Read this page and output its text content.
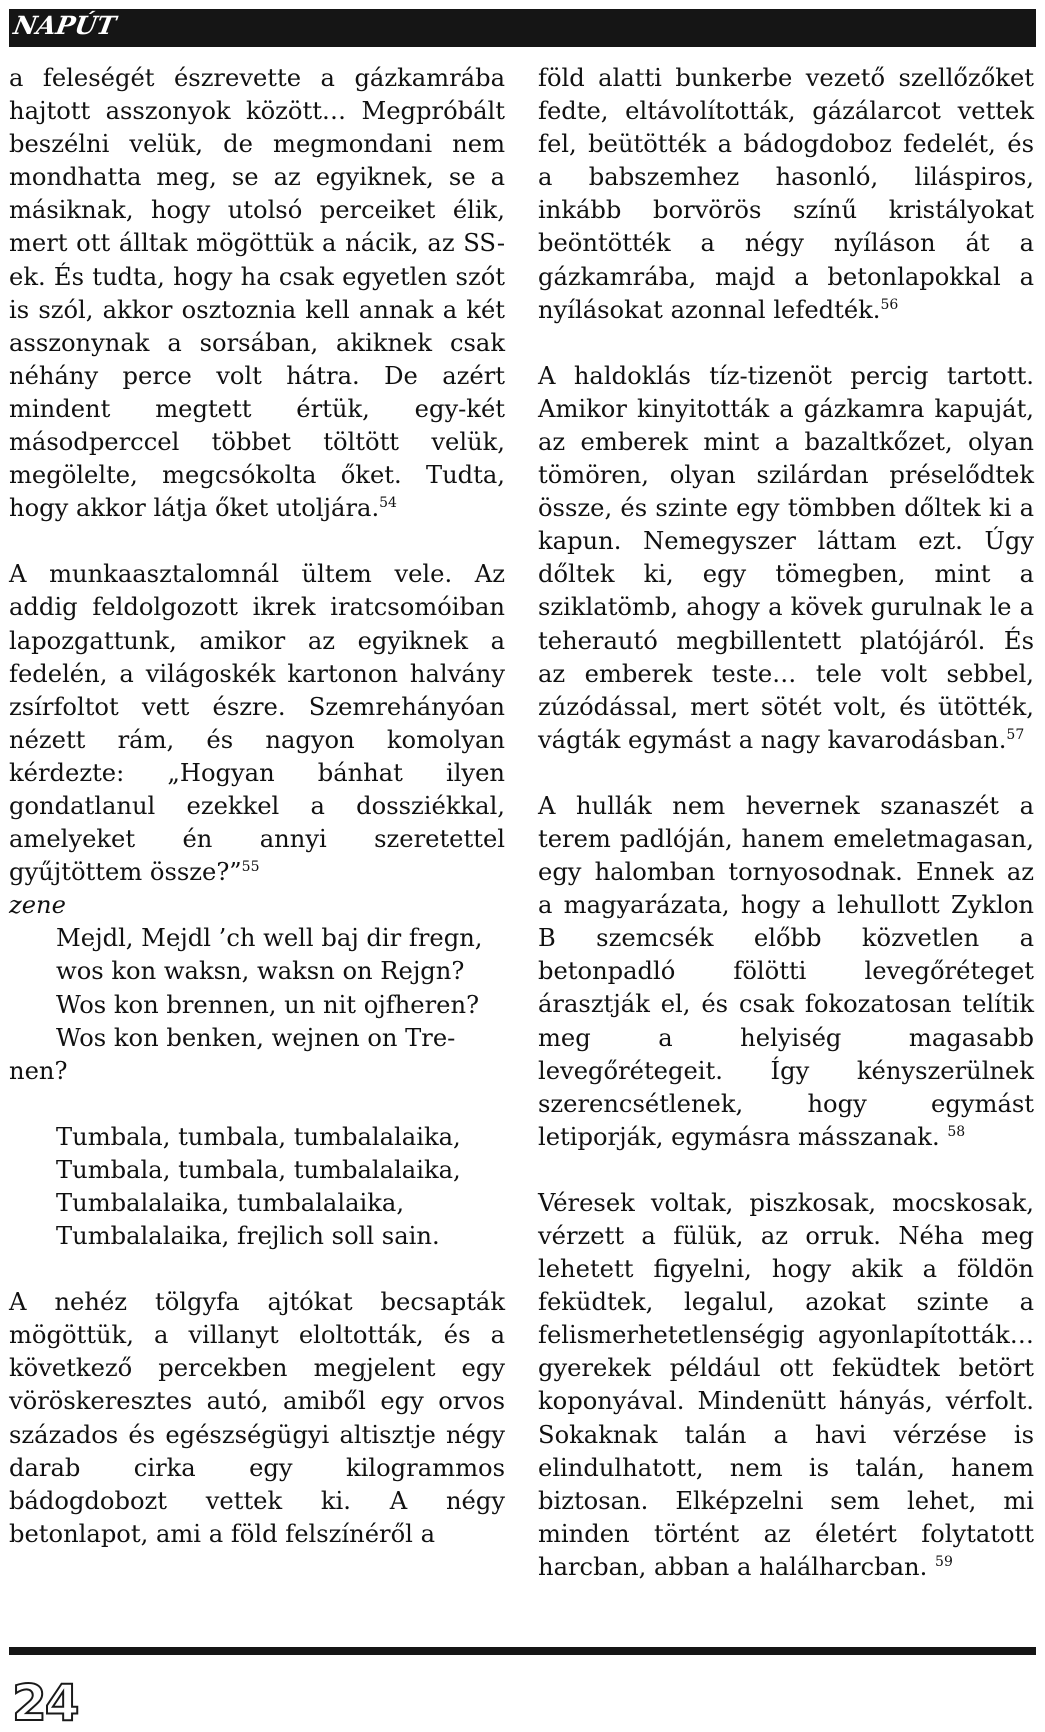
NAPÚT

a feleségét észrevette a gázkamrába hajtott asszonyok között… Megpróbált beszélni velük, de megmondani nem mondhatta meg, se az egyiknek, se a másiknak, hogy utolsó perceiket élik, mert ott álltak mögöttük a nácik, az SS-ek. És tudta, hogy ha csak egyetlen szót is szól, akkor osztoznia kell annak a két asszonynak a sorsában, akiknek csak néhány perce volt hátra. De azért mindent megtett értük, egy-két másodperccel többet töltött velük, megölelte, megcsókolta őket. Tudta, hogy akkor látja őket utoljára.$^{54}$

A munkaasztalomnál ültem vele. Az addig feldolgozott ikrek iratcsomóiban lapozgattunk, amikor az egyiknek a fedelén, a világoskék kartonon halvány zsírfoltot vett észre. Szemrehányóan nézett rám, és nagyon komolyan kérdezte: „Hogyan bánhat ilyen gondatlanul ezekkel a dossziékkal, amelyeket én annyi szeretettel gyűjtöttem össze?”$^{55}$

zene

Mejdl, Mejdl ’ch well baj dir fregn,
wos kon waksn, waksn on Rejgn?
Wos kon brennen, un nit ojfheren?
Wos kon benken, wejnen on Tre-
nen?
Tumbala, tumbala, tumbalalaika,
Tumbala, tumbala, tumbalalaika,
Tumbalalaika, tumbalalaika,
Tumbalalaika, frejlich soll sain.

A nehéz tölgyfa ajtókat becsapták mögöttük, a villanyt eloltották, és a következő percekben megjelent egy vöröskeresztes autó, amiből egy orvos százados és egészségügyi altisztje négy darab cirka egy kilogrammos bádogdobozt vettek ki. A négy betonlapot, ami a föld felszínéről a

föld alatti bunkerbe vezető szellőzőket fedte, eltávolították, gázálarcot vettek fel, beütötték a bádogdoboz fedelét, és a babszemhez hasonló, liláspiros, inkább borvörös színű kristályokat beöntötték a négy nyíláson át a gázkamrába, majd a betonlapokkal a nyílásokat azonnal lefedték.$^{56}$

A haldoklás tíz-tizenöt percig tartott. Amikor kinyitották a gázkamra kapuját, az emberek mint a bazaltkőzet, olyan tömören, olyan szilárdan préselődtek össze, és szinte egy tömbben dőltek ki a kapun. Nemegyszer láttam ezt. Úgy dőltek ki, egy tömegben, mint a sziklatömb, ahogy a kövek gurulnak le a teherautó megbillentett platójáról. És az emberek teste… tele volt sebbel, zúzódással, mert sötét volt, és ütötték, vágták egymást a nagy kavarodásban.$^{57}$

A hullák nem hevernek szanaszét a terem padlóján, hanem emeletmagasan, egy halomban tornyosodnak. Ennek az a magyarázata, hogy a lehullott Zyklon B szemcsék előbb közvetlen a betonpadló fölötti levegőréteget árasztják el, és csak fokozatosan telítik meg a helyiség magasabb levegőrétegeit. Így kényszerülnek szerencsétlenek, hogy egymást letiporják, egymásra másszanak. $^{58}$

Véresek voltak, piszkosak, mocskosak, vérzett a fülük, az orruk. Néha meg lehetett figyelni, hogy akik a földön feküdtek, legalul, azokat szinte a felismerhetetlenségig agyonlapították… gyerekek például ott feküdtek betört koponyával. Mindenütt hányás, vérfolt. Sokaknak talán a havi vérzése is elindulhatott, nem is talán, hanem biztosan. Elképzelni sem lehet, mi minden történt az életért folytatott harcban, abban a halálharcban. $^{59}$

24
